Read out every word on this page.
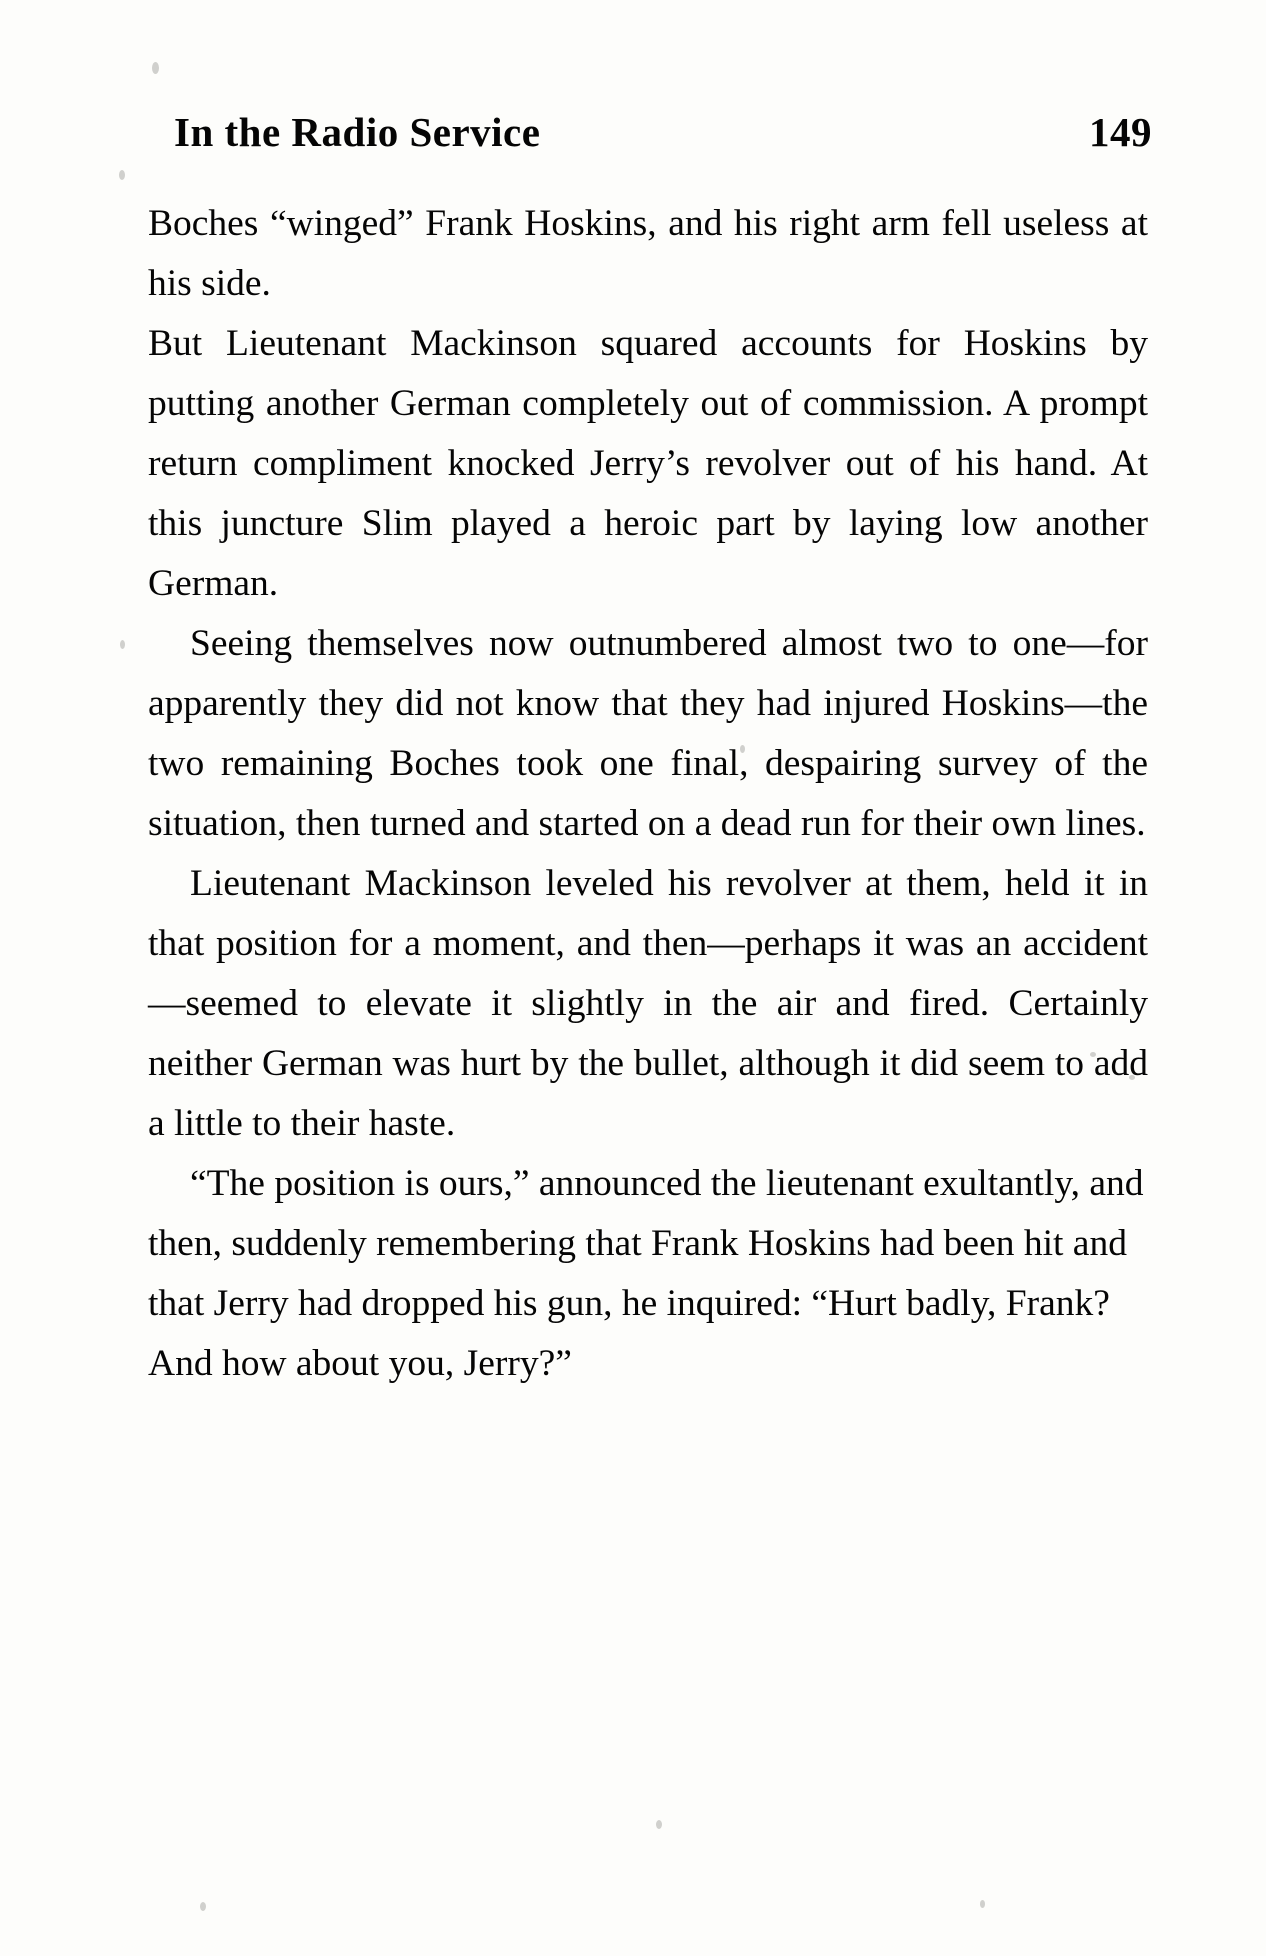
In the Radio Service	149

Boches “winged” Frank Hoskins, and his right arm fell useless at his side.

But Lieutenant Mackinson squared accounts for Hoskins by putting another German completely out of commission. A prompt return compliment knocked Jerry’s revolver out of his hand. At this juncture Slim played a heroic part by laying low another German.

Seeing themselves now outnumbered almost two to one—for apparently they did not know that they had injured Hoskins—the two remaining Boches took one final, despairing survey of the situation, then turned and started on a dead run for their own lines.

Lieutenant Mackinson leveled his revolver at them, held it in that position for a moment, and then—perhaps it was an accident—seemed to elevate it slightly in the air and fired. Certainly neither German was hurt by the bullet, although it did seem to add a little to their haste.

“The position is ours,” announced the lieutenant exultantly, and then, suddenly remembering that Frank Hoskins had been hit and that Jerry had dropped his gun, he inquired: “Hurt badly, Frank? And how about you, Jerry?”
